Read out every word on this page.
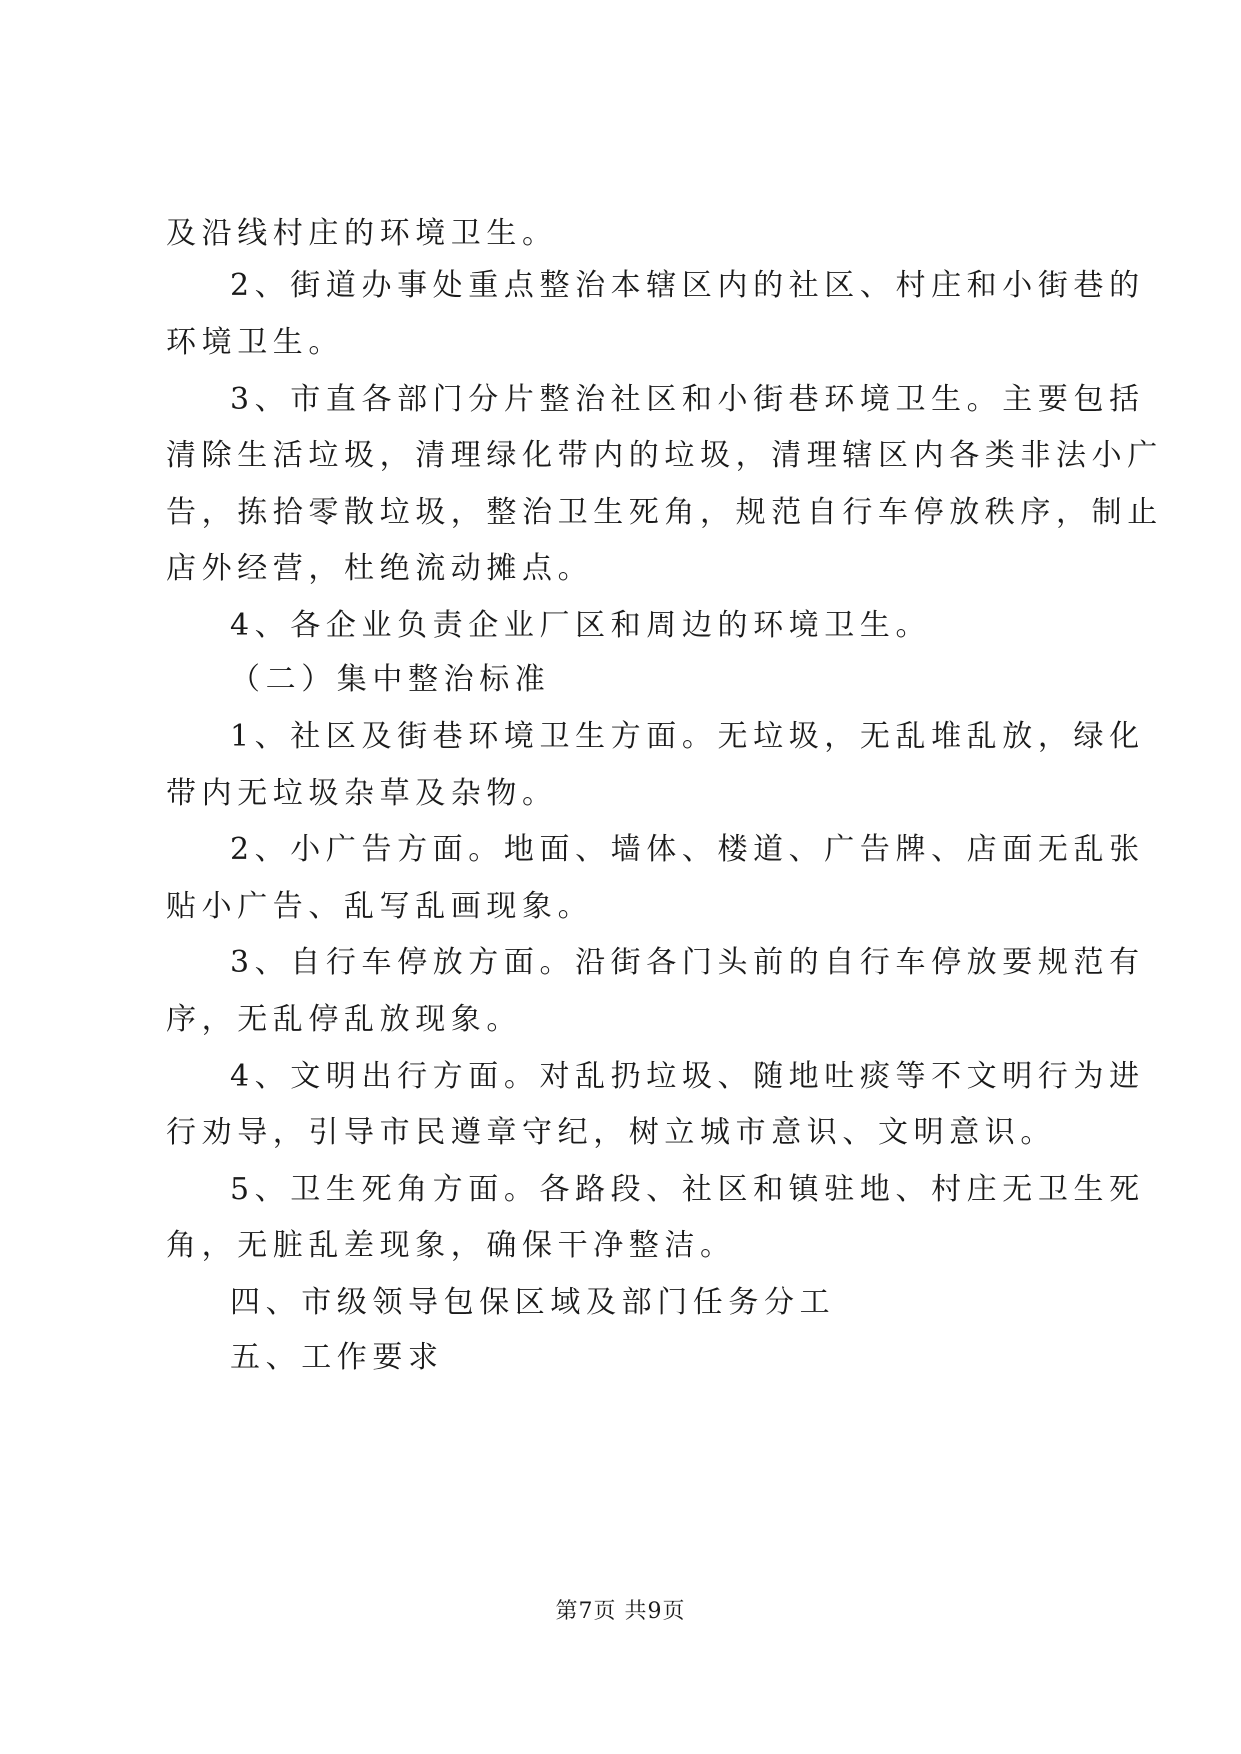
及沿线村庄的环境卫生。
2、街道办事处重点整治本辖区内的社区、村庄和小街巷的
环境卫生。
3、市直各部门分片整治社区和小街巷环境卫生。主要包括
清除生活垃圾，清理绿化带内的垃圾，清理辖区内各类非法小广
告，拣拾零散垃圾，整治卫生死角，规范自行车停放秩序，制止
店外经营，杜绝流动摊点。
4、各企业负责企业厂区和周边的环境卫生。
（二）集中整治标准
1、社区及街巷环境卫生方面。无垃圾，无乱堆乱放，绿化
带内无垃圾杂草及杂物。
2、小广告方面。地面、墙体、楼道、广告牌、店面无乱张
贴小广告、乱写乱画现象。
3、自行车停放方面。沿街各门头前的自行车停放要规范有
序，无乱停乱放现象。
4、文明出行方面。对乱扔垃圾、随地吐痰等不文明行为进
行劝导，引导市民遵章守纪，树立城市意识、文明意识。
5、卫生死角方面。各路段、社区和镇驻地、村庄无卫生死
角，无脏乱差现象，确保干净整洁。
四、市级领导包保区域及部门任务分工
五、工作要求
第7页 共9页
